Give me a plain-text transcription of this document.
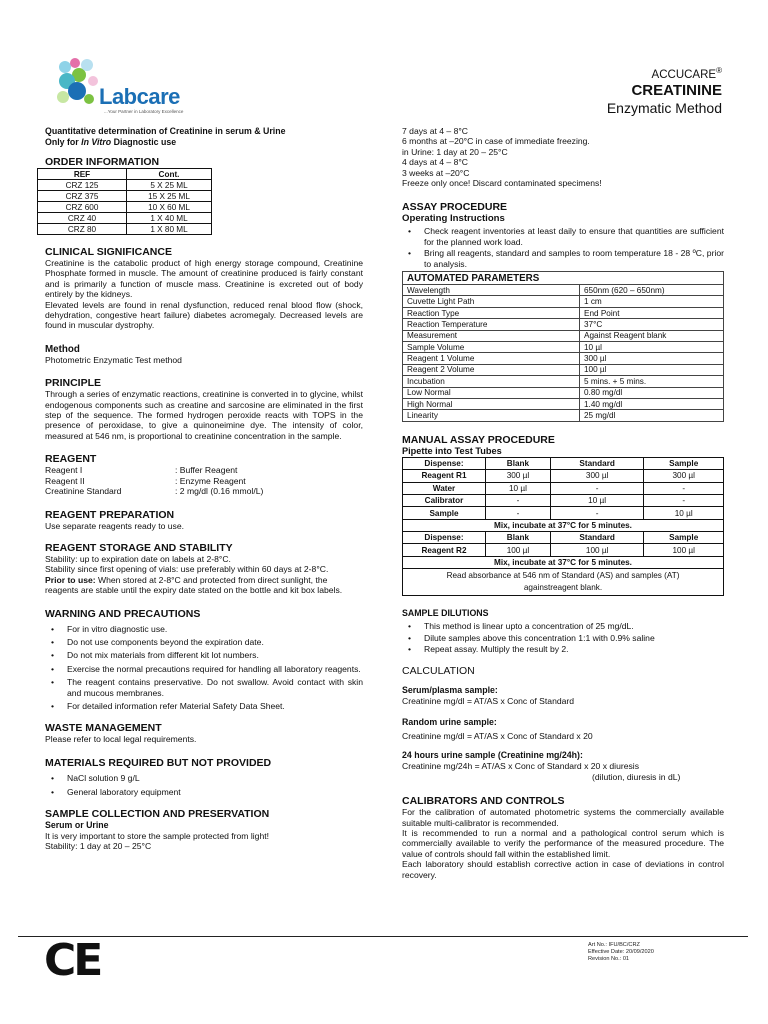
Labcare
...Your Partner in Laboratory Excellence
ACCUCARE®
CREATININE
Enzymatic Method
Quantitative determination of Creatinine in serum & Urine
Only for In Vitro Diagnostic use
ORDER INFORMATION
REF	Cont.
CRZ 125	5 X 25 ML
CRZ 375	15 X 25 ML
CRZ 600	10 X 60 ML
CRZ 40	1 X 40 ML
CRZ 80	1 X 80 ML
CLINICAL SIGNIFICANCE
Creatinine is the catabolic product of high energy storage compound, Creatinine Phosphate formed in muscle. The amount of creatinine produced is fairly constant and is primarily a function of muscle mass. Creatinine is excreted out of body entirely by the kidneys.
Elevated levels are found in renal dysfunction, reduced renal blood flow (shock, dehydration, congestive heart failure) diabetes acromegaly. Decreased levels are found in muscular dystrophy.
Method
Photometric Enzymatic Test method
PRINCIPLE
Through a series of enzymatic reactions, creatinine is converted in to glycine, whilst endogenous components such as creatine and sarcosine are eliminated in the first step of the sequence. The formed hydrogen peroxide reacts with TOPS in the presence of peroxidase, to give a quinoneimine dye. The intensity of color, measured at 546 nm, is proportional to creatinine concentration in the sample.
REAGENT
Reagent I	: Buffer Reagent
Reagent II	: Enzyme Reagent
Creatinine Standard	: 2 mg/dl (0.16 mmol/L)
REAGENT PREPARATION
Use separate reagents ready to use.
REAGENT STORAGE AND STABILITY
Stability: up to expiration date on labels at 2-8°C.
Stability since first opening of vials: use preferably within 60 days at 2-8°C.
Prior to use: When stored at 2-8°C and protected from direct sunlight, the reagents are stable until the expiry date stated on the bottle and kit box labels.
WARNING AND PRECAUTIONS
• For in vitro diagnostic use.
• Do not use components beyond the expiration date.
• Do not mix materials from different kit lot numbers.
• Exercise the normal precautions required for handling all laboratory reagents.
• The reagent contains preservative. Do not swallow. Avoid contact with skin and mucous membranes.
• For detailed information refer Material Safety Data Sheet.
WASTE MANAGEMENT
Please refer to local legal requirements.
MATERIALS REQUIRED BUT NOT PROVIDED
• NaCl solution 9 g/L
• General laboratory equipment
SAMPLE COLLECTION AND PRESERVATION
Serum or Urine
It is very important to store the sample protected from light!
Stability: 1 day at 20 – 25°C
7 days at 4 – 8°C
6 months at –20°C in case of immediate freezing.
in Urine: 1 day at 20 – 25°C
4 days at 4 – 8°C
3 weeks at –20°C
Freeze only once! Discard contaminated specimens!
ASSAY PROCEDURE
Operating Instructions
• Check reagent inventories at least daily to ensure that quantities are sufficient for the planned work load.
• Bring all reagents, standard and samples to room temperature 18 - 28 ºC, prior to analysis.
AUTOMATED PARAMETERS	
Wavelength	650nm (620 – 650nm)
Cuvette Light Path	1 cm
Reaction Type	End Point
Reaction Temperature	37°C
Measurement	Against Reagent blank
Sample Volume	10 µl
Reagent 1 Volume	300 µl
Reagent 2 Volume	100 µl
Incubation	5 mins. + 5 mins.
Low Normal	0.80 mg/dl
High Normal	1.40 mg/dl
Linearity	25 mg/dl
MANUAL ASSAY PROCEDURE
Pipette into Test Tubes
Dispense:	Blank	Standard	Sample
Reagent R1	300 µl	300 µl	300 µl
Water	10 µl	-	-
Calibrator	-	10 µl	-
Sample	-	-	10 µl
Mix, incubate at 37°C for 5 minutes.			
Dispense:	Blank	Standard	Sample
Reagent R2	100 µl	100 µl	100 µl
Mix, incubate at 37°C for 5 minutes.			
Read absorbance at 546 nm of Standard (AS) and samples (AT) againstreagent blank.			
SAMPLE DILUTIONS
• This method is linear upto a concentration of 25 mg/dL.
• Dilute samples above this concentration 1:1 with 0.9% saline
• Repeat assay. Multiply the result by 2.
CALCULATION
Serum/plasma sample:
Creatinine mg/dl = AT/AS x Conc of Standard
Random urine sample:
Creatinine mg/dl = AT/AS x Conc of Standard x 20
24 hours urine sample (Creatinine mg/24h):
Creatinine mg/24h = AT/AS x Conc of Standard x 20 x diuresis
(dilution, diuresis in dL)
CALIBRATORS AND CONTROLS
For the calibration of automated photometric systems the commercially available suitable multi-calibrator is recommended.
It is recommended to run a normal and a pathological control serum which is commercially available to verify the performance of the measured procedure. The value of controls should fall within the established limit.
Each laboratory should establish corrective action in case of deviations in control recovery.
CE	Art No.: IFU/BC/CRZ
Effective Date: 20/09/2020
Revision No.: 01
